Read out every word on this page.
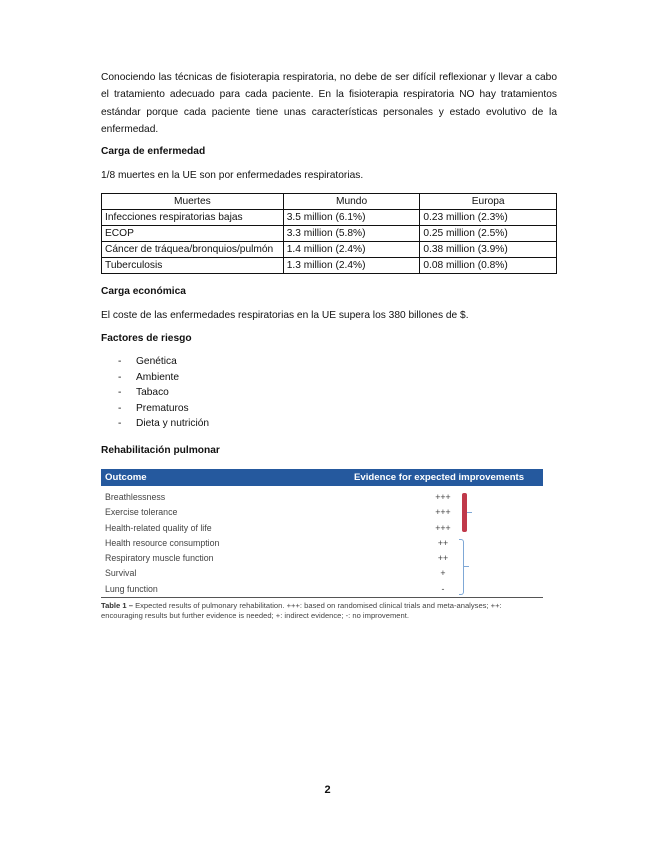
Conociendo las técnicas de fisioterapia respiratoria, no debe de ser difícil reflexionar y llevar a cabo el tratamiento adecuado para cada paciente. En la fisioterapia respiratoria NO hay tratamientos estándar porque cada paciente tiene unas características personales y estado evolutivo de la enfermedad.

Carga de enfermedad

1/8 muertes en la UE son por enfermedades respiratorias.

Muertes	Mundo	Europa
Infecciones respiratorias bajas	3.5 million (6.1%)	0.23 million (2.3%)
ECOP	3.3 million (5.8%)	0.25 million (2.5%)
Cáncer de tráquea/bronquios/pulmón	1.4 million (2.4%)	0.38 million (3.9%)
Tuberculosis	1.3 million (2.4%)	0.08 million (0.8%)

Carga económica

El coste de las enfermedades respiratorias en la UE supera los 380 billones de $.

Factores de riesgo

- Genética
- Ambiente
- Tabaco
- Prematuros
- Dieta y nutrición

Rehabilitación pulmonar

Outcome	Evidence for expected improvements
Breathlessness	+++
Exercise tolerance	+++
Health-related quality of life	+++
Health resource consumption	++
Respiratory muscle function	++
Survival	+
Lung function	-

Table 1 – Expected results of pulmonary rehabilitation. +++: based on randomised clinical trials and meta-analyses; ++: encouraging results but further evidence is needed; +: indirect evidence; -: no improvement.

2
